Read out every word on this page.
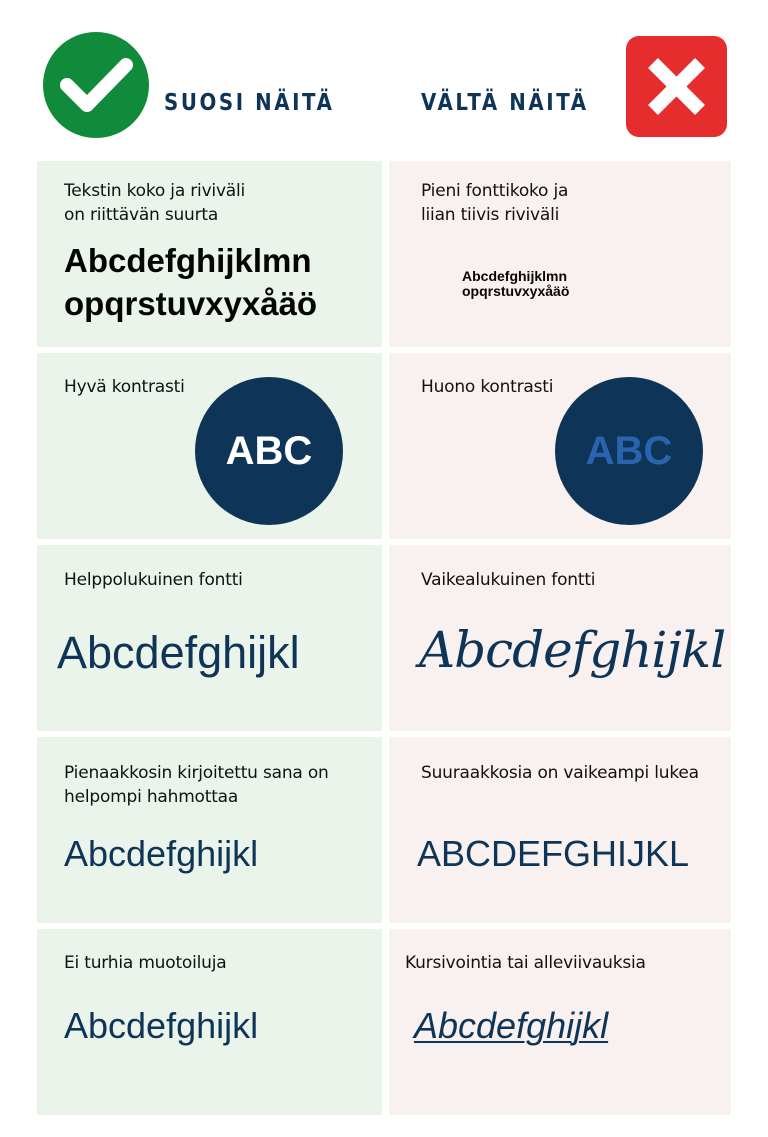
SUOSI NÄITÄ	VÄLTÄ NÄITÄ
Tekstin koko ja riviväli
on riittävän suurta
Abcdefghijklmn
opqrstuvxyxåäö
Pieni fonttikoko ja
liian tiivis riviväli
Abcdefghijklmn
opqrstuvxyxåäö
Hyvä kontrasti
ABC
Huono kontrasti
ABC
Helppolukuinen fontti
Abcdefghijkl
Vaikealukuinen fontti
Abcdefghijkl
Pienaakkosin kirjoitettu sana on
helpompi hahmottaa
Abcdefghijkl
Suuraakkosia on vaikeampi lukea
ABCDEFGHIJKL
Ei turhia muotoiluja
Abcdefghijkl
Kursivointia tai alleviivauksia
Abcdefghijkl
